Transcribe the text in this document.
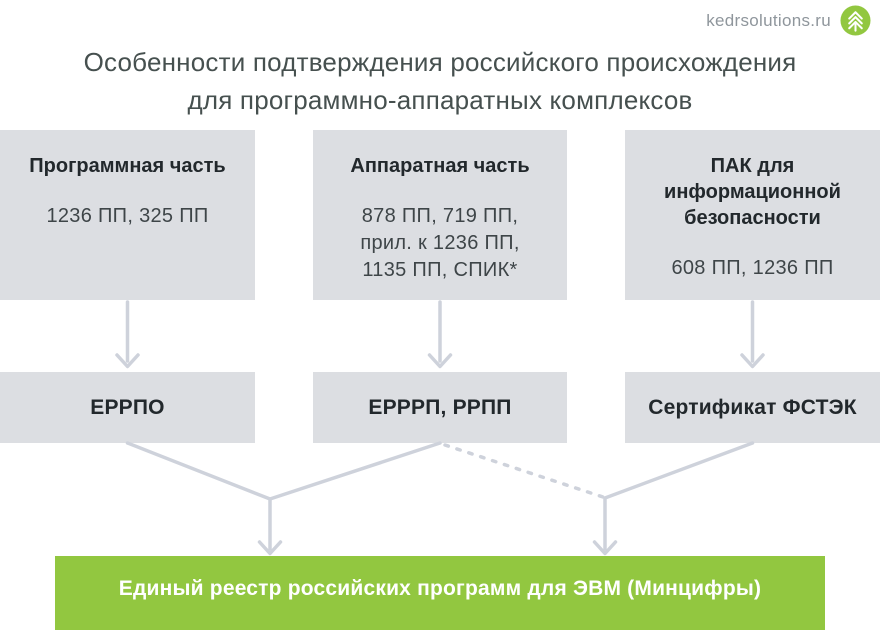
kedrsolutions.ru
Особенности подтверждения российского происхождения
для программно-аппаратных комплексов
Программная часть
1236 ПП, 325 ПП
Аппаратная часть
878 ПП, 719 ПП,
прил. к 1236 ПП,
1135 ПП, СПИК*
ПАК для информационной безопасности
608 ПП, 1236 ПП
ЕРРПО	ЕРРРП, РРПП	Сертификат ФСТЭК
Единый реестр российских программ для ЭВМ (Минцифры)
